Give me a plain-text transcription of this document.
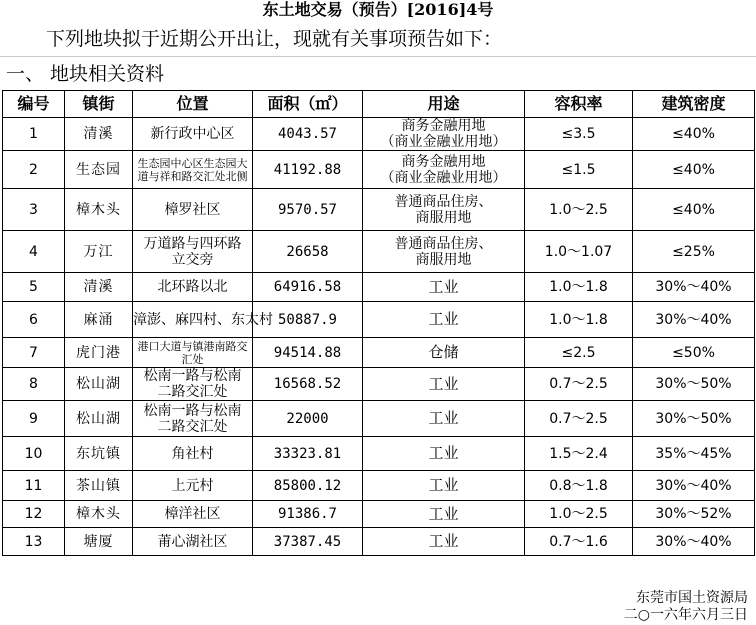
东土地交易（预告）[2016]4号
下列地块拟于近期公开出让，现就有关事项预告如下：
一、 地块相关资料
编号	镇街	位置	面积（㎡）	用途	容积率	建筑密度
1	清溪	新行政中心区	4043.57	商务金融用地
（商业金融业用地）	≤3.5	≤40%
2	生态园	生态园中心区生态园大道与祥和路交汇处北侧	41192.88	商务金融用地
（商业金融业用地）	≤1.5	≤40%
3	樟木头	樟罗社区	9570.57	普通商品住房、
商服用地	1.0～2.5	≤40%
4	万江	万道路与四环路
立交旁	26658	普通商品住房、
商服用地	1.0～1.07	≤25%
5	清溪	北环路以北	64916.58	工业	1.0～1.8	30%～40%
6	麻涌	漳澎、麻四村、东太村	50887.9	工业	1.0～1.8	30%～40%
7	虎门港	港口大道与镇港南路交汇处	94514.88	仓储	≤2.5	≤50%
8	松山湖	松南一路与松南
二路交汇处	16568.52	工业	0.7～2.5	30%～50%
9	松山湖	松南一路与松南
二路交汇处	22000	工业	0.7～2.5	30%～50%
10	东坑镇	角社村	33323.81	工业	1.5～2.4	35%～45%
11	茶山镇	上元村	85800.12	工业	0.8～1.8	30%～40%
12	樟木头	樟洋社区	91386.7	工业	1.0～2.5	30%～52%
13	塘厦	莆心湖社区	37387.45	工业	0.7～1.6	30%～40%
东莞市国土资源局
二○一六年六月三日
